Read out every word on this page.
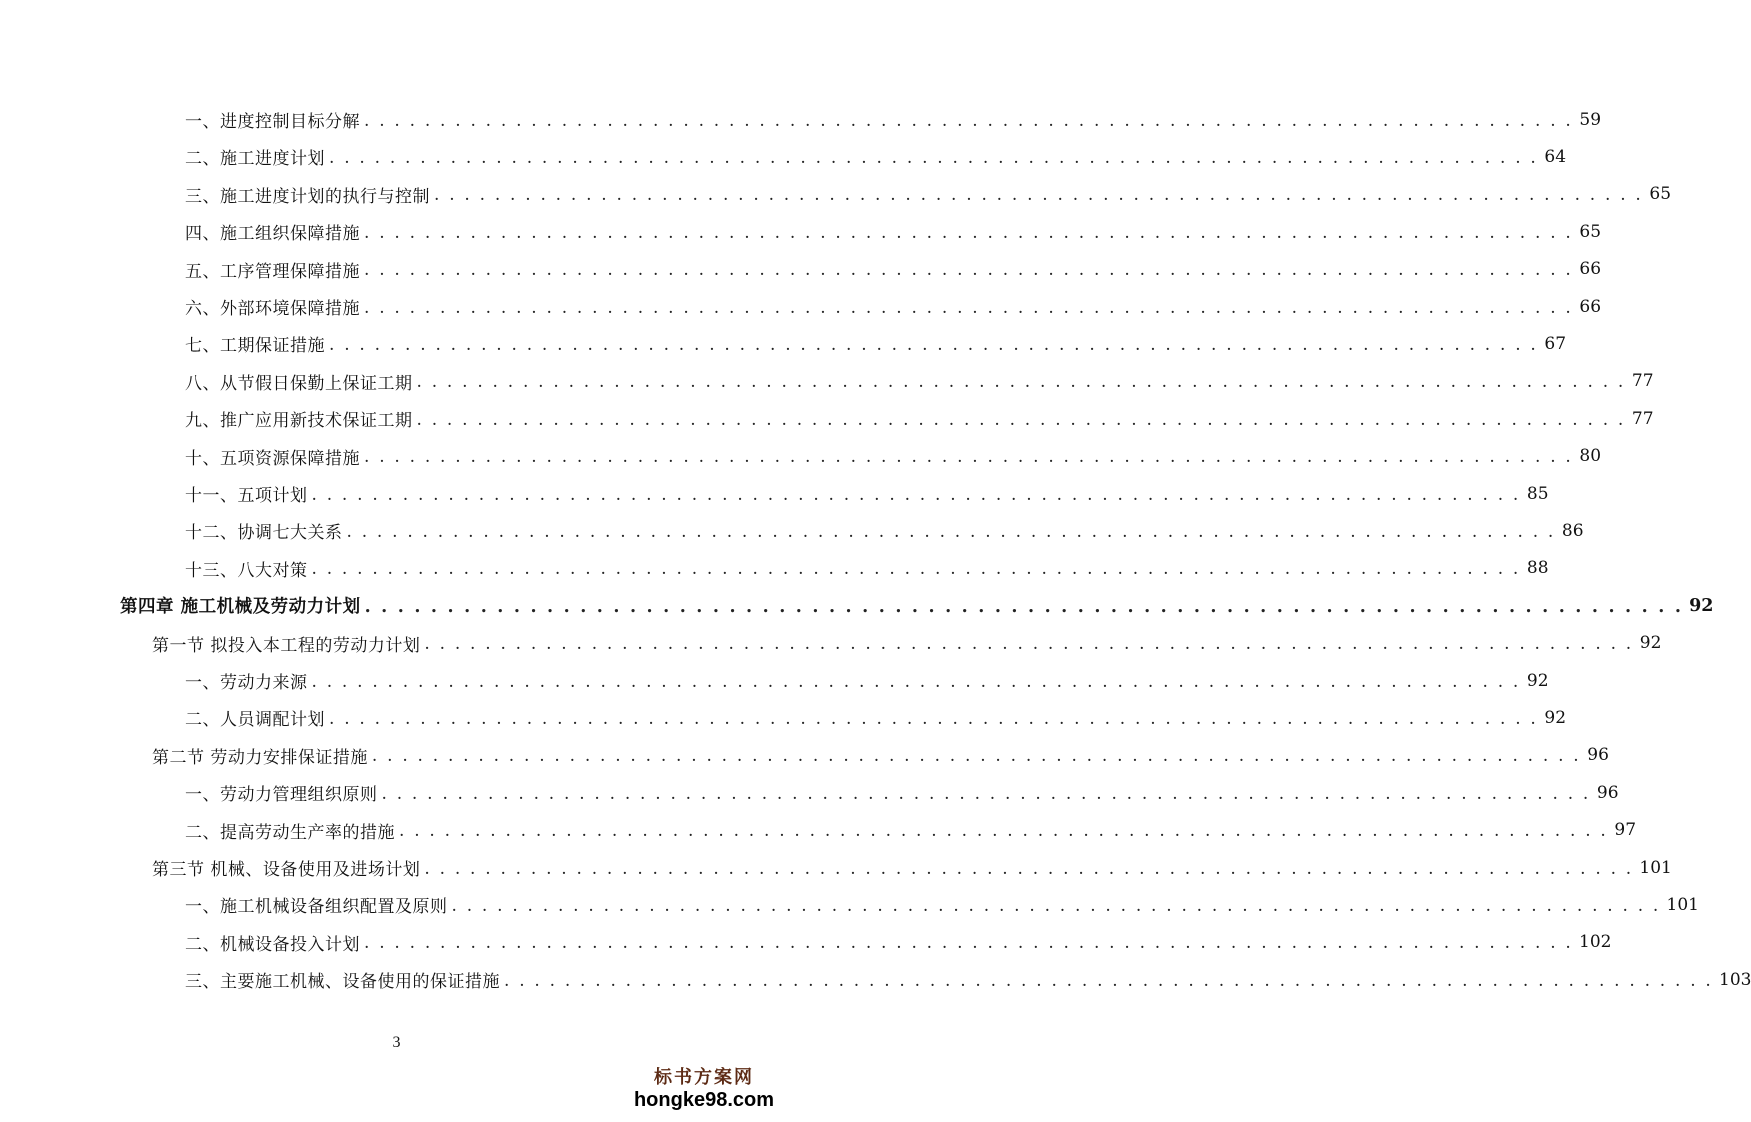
一、进度控制目标分解 . . . . . . . . . . . . . . . . . . . . . . . . . . . . . . . . . . . . . . . . . . . . . . . . . . . . . . . . . . . . . . . . . . . . . . . . . . . . . . . . 59
二、施工进度计划 . . . . . . . . . . . . . . . . . . . . . . . . . . . . . . . . . . . . . . . . . . . . . . . . . . . . . . . . . . . . . . . . . . . . . . . . . . . . . . . . 64
三、施工进度计划的执行与控制 . . . . . . . . . . . . . . . . . . . . . . . . . . . . . . . . . . . . . . . . . . . . . . . . . . . . . . . . . . . . . . . . . . . . . . . . . . . . . . . . 65
四、施工组织保障措施 . . . . . . . . . . . . . . . . . . . . . . . . . . . . . . . . . . . . . . . . . . . . . . . . . . . . . . . . . . . . . . . . . . . . . . . . . . . . . . . . 65
五、工序管理保障措施 . . . . . . . . . . . . . . . . . . . . . . . . . . . . . . . . . . . . . . . . . . . . . . . . . . . . . . . . . . . . . . . . . . . . . . . . . . . . . . . . 66
六、外部环境保障措施 . . . . . . . . . . . . . . . . . . . . . . . . . . . . . . . . . . . . . . . . . . . . . . . . . . . . . . . . . . . . . . . . . . . . . . . . . . . . . . . . 66
七、工期保证措施 . . . . . . . . . . . . . . . . . . . . . . . . . . . . . . . . . . . . . . . . . . . . . . . . . . . . . . . . . . . . . . . . . . . . . . . . . . . . . . . . 67
八、从节假日保勤上保证工期 . . . . . . . . . . . . . . . . . . . . . . . . . . . . . . . . . . . . . . . . . . . . . . . . . . . . . . . . . . . . . . . . . . . . . . . . . . . . . . . . 77
九、推广应用新技术保证工期 . . . . . . . . . . . . . . . . . . . . . . . . . . . . . . . . . . . . . . . . . . . . . . . . . . . . . . . . . . . . . . . . . . . . . . . . . . . . . . . . 77
十、五项资源保障措施 . . . . . . . . . . . . . . . . . . . . . . . . . . . . . . . . . . . . . . . . . . . . . . . . . . . . . . . . . . . . . . . . . . . . . . . . . . . . . . . . 80
十一、五项计划 . . . . . . . . . . . . . . . . . . . . . . . . . . . . . . . . . . . . . . . . . . . . . . . . . . . . . . . . . . . . . . . . . . . . . . . . . . . . . . . . 85
十二、协调七大关系 . . . . . . . . . . . . . . . . . . . . . . . . . . . . . . . . . . . . . . . . . . . . . . . . . . . . . . . . . . . . . . . . . . . . . . . . . . . . . . . . 86
十三、八大对策 . . . . . . . . . . . . . . . . . . . . . . . . . . . . . . . . . . . . . . . . . . . . . . . . . . . . . . . . . . . . . . . . . . . . . . . . . . . . . . . . 88
第四章 施工机械及劳动力计划 . . . . . . . . . . . . . . . . . . . . . . . . . . . . . . . . . . . . . . . . . . . . . . . . . . . . . . . . . . . . . . . . . . . . . . . . . . . . . . . . 92
第一节 拟投入本工程的劳动力计划 . . . . . . . . . . . . . . . . . . . . . . . . . . . . . . . . . . . . . . . . . . . . . . . . . . . . . . . . . . . . . . . . . . . . . . . . . . . . . . . . 92
一、劳动力来源 . . . . . . . . . . . . . . . . . . . . . . . . . . . . . . . . . . . . . . . . . . . . . . . . . . . . . . . . . . . . . . . . . . . . . . . . . . . . . . . . 92
二、人员调配计划 . . . . . . . . . . . . . . . . . . . . . . . . . . . . . . . . . . . . . . . . . . . . . . . . . . . . . . . . . . . . . . . . . . . . . . . . . . . . . . . . 92
第二节 劳动力安排保证措施 . . . . . . . . . . . . . . . . . . . . . . . . . . . . . . . . . . . . . . . . . . . . . . . . . . . . . . . . . . . . . . . . . . . . . . . . . . . . . . . . 96
一、劳动力管理组织原则 . . . . . . . . . . . . . . . . . . . . . . . . . . . . . . . . . . . . . . . . . . . . . . . . . . . . . . . . . . . . . . . . . . . . . . . . . . . . . . . . 96
二、提高劳动生产率的措施 . . . . . . . . . . . . . . . . . . . . . . . . . . . . . . . . . . . . . . . . . . . . . . . . . . . . . . . . . . . . . . . . . . . . . . . . . . . . . . . . 97
第三节 机械、设备使用及进场计划 . . . . . . . . . . . . . . . . . . . . . . . . . . . . . . . . . . . . . . . . . . . . . . . . . . . . . . . . . . . . . . . . . . . . . . . . . . . . . . . . 101
一、施工机械设备组织配置及原则 . . . . . . . . . . . . . . . . . . . . . . . . . . . . . . . . . . . . . . . . . . . . . . . . . . . . . . . . . . . . . . . . . . . . . . . . . . . . . . . . 101
二、机械设备投入计划 . . . . . . . . . . . . . . . . . . . . . . . . . . . . . . . . . . . . . . . . . . . . . . . . . . . . . . . . . . . . . . . . . . . . . . . . . . . . . . . . 102
三、主要施工机械、设备使用的保证措施 . . . . . . . . . . . . . . . . . . . . . . . . . . . . . . . . . . . . . . . . . . . . . . . . . . . . . . . . . . . . . . . . . . . . . . . . . . . . . . . . 103
3
标书方案网
hongke98.com
